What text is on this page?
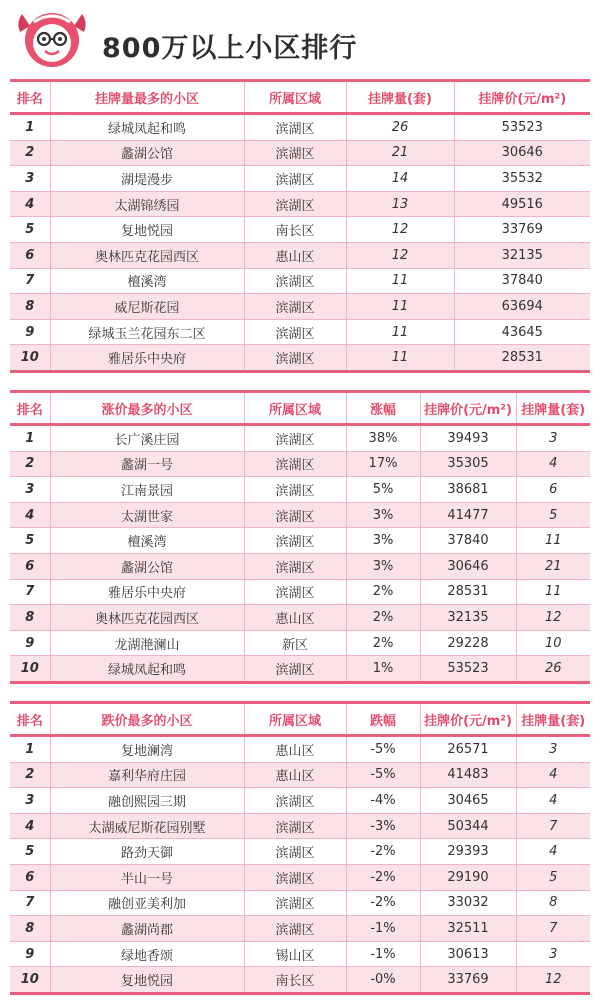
800万以上小区排行
排名	挂牌量最多的小区	所属区域	挂牌量(套)	挂牌价(元/m²)
1	绿城凤起和鸣	滨湖区	26	53523
2	蠡湖公馆	滨湖区	21	30646
3	湖堤漫步	滨湖区	14	35532
4	太湖锦绣园	滨湖区	13	49516
5	复地悦园	南长区	12	33769
6	奥林匹克花园西区	惠山区	12	32135
7	檀溪湾	滨湖区	11	37840
8	威尼斯花园	滨湖区	11	63694
9	绿城玉兰花园东二区	滨湖区	11	43645
10	雅居乐中央府	滨湖区	11	28531
排名	涨价最多的小区	所属区域	涨幅	挂牌价(元/m²)	挂牌量(套)
1	长广溪庄园	滨湖区	38%	39493	3
2	蠡湖一号	滨湖区	17%	35305	4
3	江南景园	滨湖区	5%	38681	6
4	太湖世家	滨湖区	3%	41477	5
5	檀溪湾	滨湖区	3%	37840	11
6	蠡湖公馆	滨湖区	3%	30646	21
7	雅居乐中央府	滨湖区	2%	28531	11
8	奥林匹克花园西区	惠山区	2%	32135	12
9	龙湖滟澜山	新区	2%	29228	10
10	绿城凤起和鸣	滨湖区	1%	53523	26
排名	跌价最多的小区	所属区域	跌幅	挂牌价(元/m²)	挂牌量(套)
1	复地澜湾	惠山区	-5%	26571	3
2	嘉利华府庄园	惠山区	-5%	41483	4
3	融创熙园三期	滨湖区	-4%	30465	4
4	太湖威尼斯花园别墅	滨湖区	-3%	50344	7
5	路劲天御	滨湖区	-2%	29393	4
6	半山一号	滨湖区	-2%	29190	5
7	融创亚美利加	滨湖区	-2%	33032	8
8	蠡湖尚郡	滨湖区	-1%	32511	7
9	绿地香颂	锡山区	-1%	30613	3
10	复地悦园	南长区	-0%	33769	12
